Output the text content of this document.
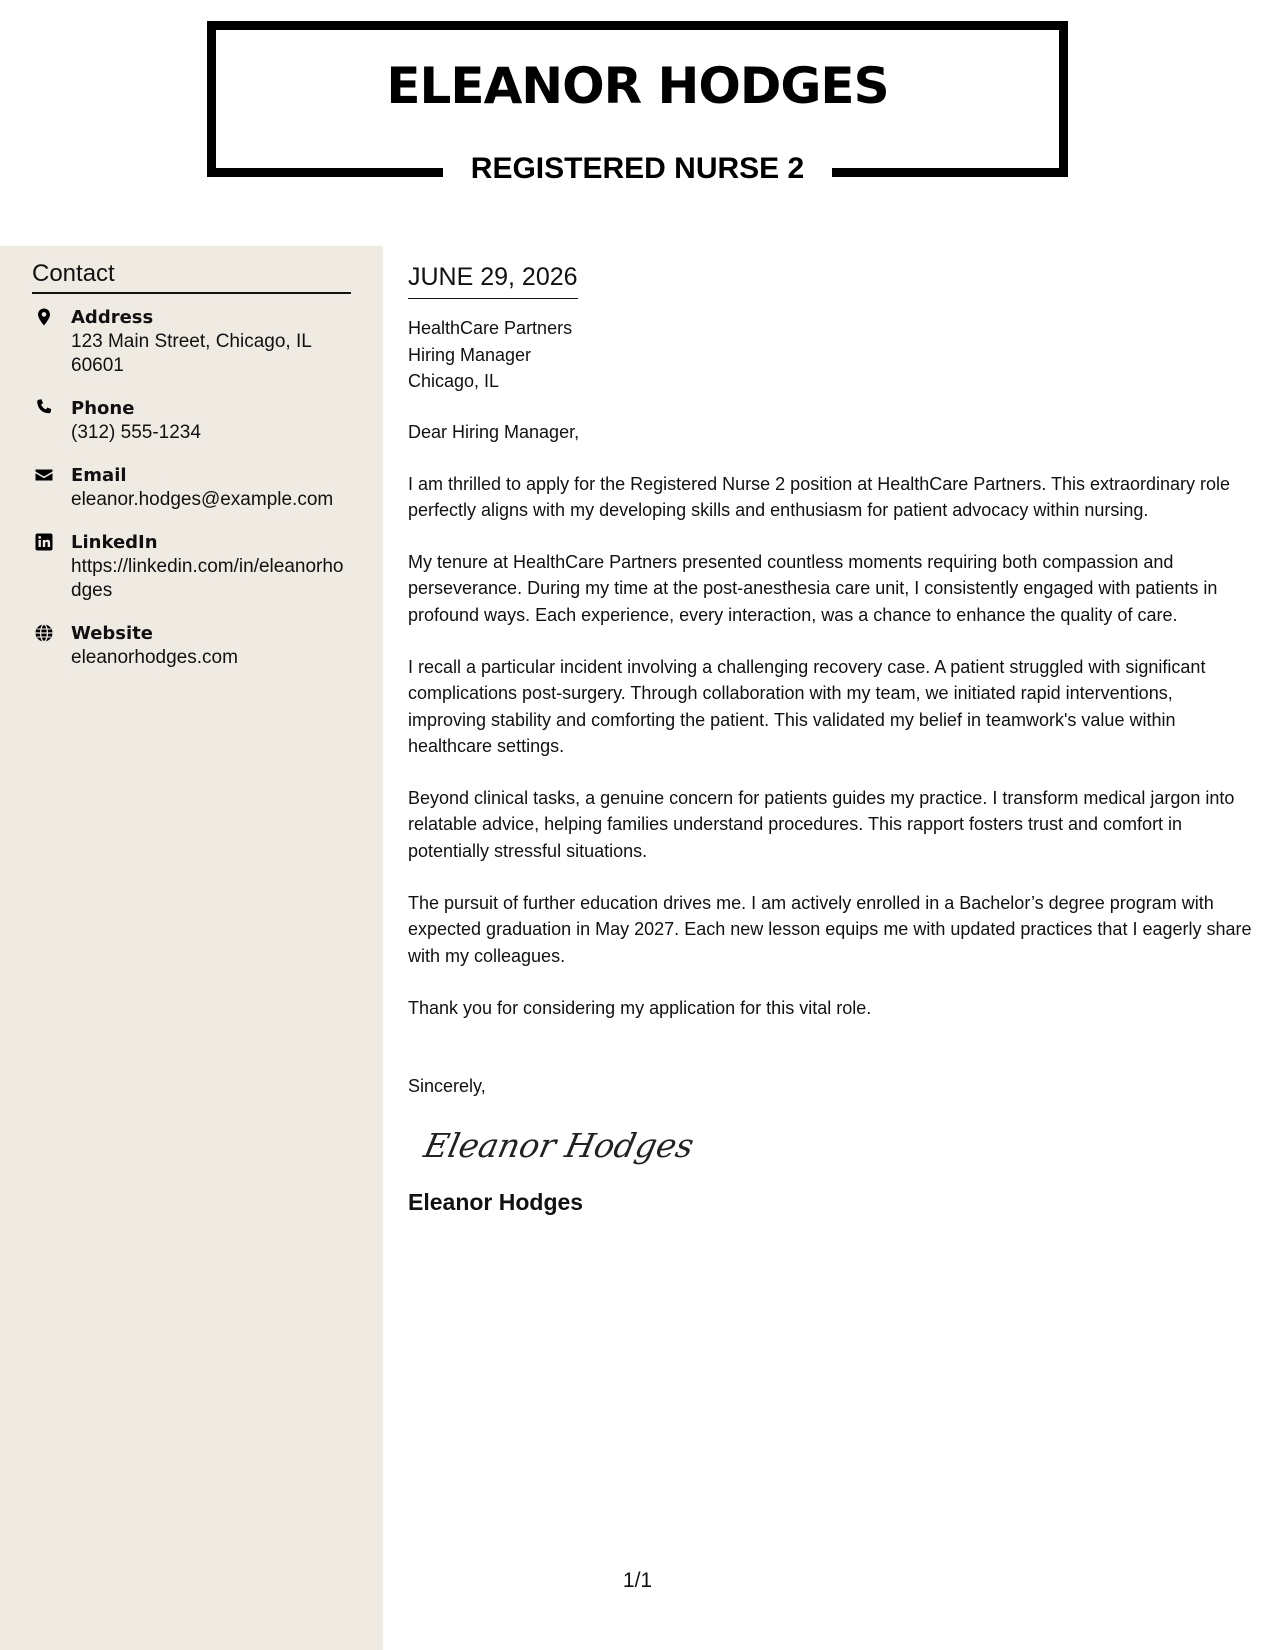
ELEANOR HODGES
REGISTERED NURSE 2
Contact
Address
123 Main Street, Chicago, IL 60601
Phone
(312) 555-1234
Email
eleanor.hodges@example.com
LinkedIn
https://linkedin.com/in/eleanorhodges
Website
eleanorhodges.com
JUNE 29, 2026
HealthCare Partners
Hiring Manager
Chicago, IL
Dear Hiring Manager,
I am thrilled to apply for the Registered Nurse 2 position at HealthCare Partners. This extraordinary role perfectly aligns with my developing skills and enthusiasm for patient advocacy within nursing.
My tenure at HealthCare Partners presented countless moments requiring both compassion and perseverance. During my time at the post-anesthesia care unit, I consistently engaged with patients in profound ways. Each experience, every interaction, was a chance to enhance the quality of care.
I recall a particular incident involving a challenging recovery case. A patient struggled with significant complications post-surgery. Through collaboration with my team, we initiated rapid interventions, improving stability and comforting the patient. This validated my belief in teamwork's value within healthcare settings.
Beyond clinical tasks, a genuine concern for patients guides my practice. I transform medical jargon into relatable advice, helping families understand procedures. This rapport fosters trust and comfort in potentially stressful situations.
The pursuit of further education drives me. I am actively enrolled in a Bachelor’s degree program with expected graduation in May 2027. Each new lesson equips me with updated practices that I eagerly share with my colleagues.
Thank you for considering my application for this vital role.
Sincerely,
Eleanor Hodges
Eleanor Hodges
1/1
